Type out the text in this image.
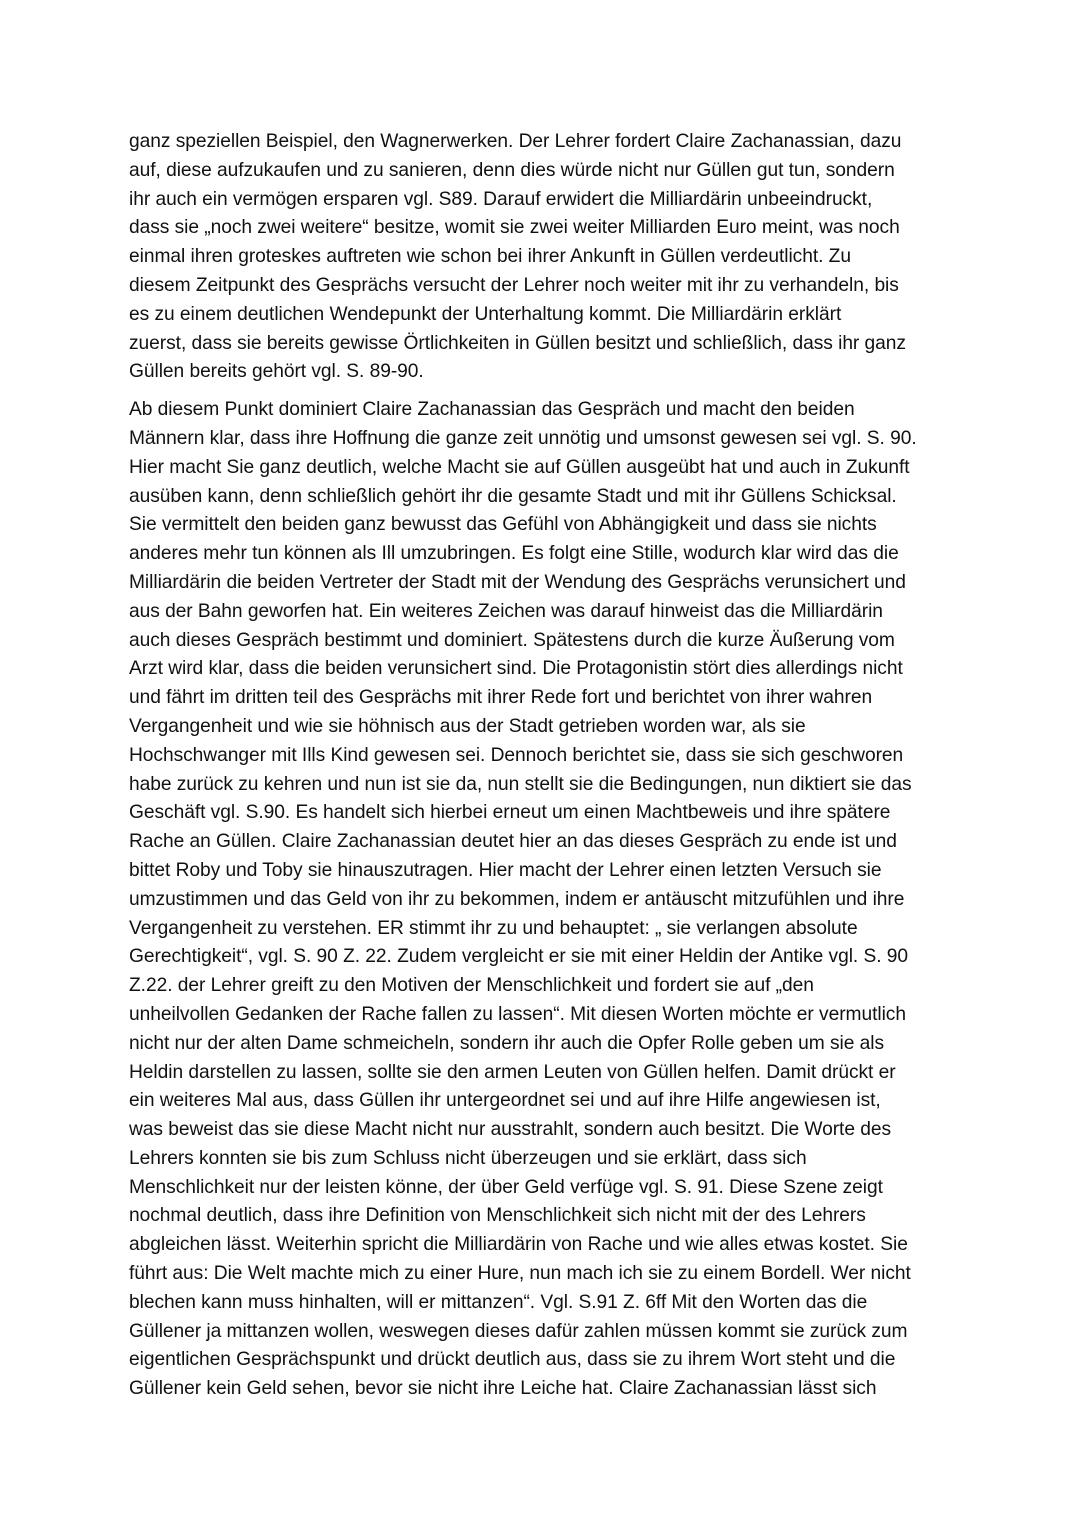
ganz speziellen Beispiel, den Wagnerwerken. Der Lehrer fordert Claire Zachanassian, dazu
auf, diese aufzukaufen und zu sanieren, denn dies würde nicht nur Güllen gut tun, sondern
ihr auch ein vermögen ersparen vgl. S89. Darauf erwidert die Milliardärin unbeeindruckt,
dass sie „noch zwei weitere“ besitze, womit sie zwei weiter Milliarden Euro meint, was noch
einmal ihren groteskes auftreten wie schon bei ihrer Ankunft in Güllen verdeutlicht. Zu
diesem Zeitpunkt des Gesprächs versucht der Lehrer noch weiter mit ihr zu verhandeln, bis
es zu einem deutlichen Wendepunkt der Unterhaltung kommt. Die Milliardärin erklärt
zuerst, dass sie bereits gewisse Örtlichkeiten in Güllen besitzt und schließlich, dass ihr ganz
Güllen bereits gehört vgl. S. 89-90.
Ab diesem Punkt dominiert Claire Zachanassian das Gespräch und macht den beiden
Männern klar, dass ihre Hoffnung die ganze zeit unnötig und umsonst gewesen sei vgl. S. 90.
Hier macht Sie ganz deutlich, welche Macht sie auf Güllen ausgeübt hat und auch in Zukunft
ausüben kann, denn schließlich gehört ihr die gesamte Stadt und mit ihr Güllens Schicksal.
Sie vermittelt den beiden ganz bewusst das Gefühl von Abhängigkeit und dass sie nichts
anderes mehr tun können als Ill umzubringen. Es folgt eine Stille, wodurch klar wird das die
Milliardärin die beiden Vertreter der Stadt mit der Wendung des Gesprächs verunsichert und
aus der Bahn geworfen hat. Ein weiteres Zeichen was darauf hinweist das die Milliardärin
auch dieses Gespräch bestimmt und dominiert. Spätestens durch die kurze Äußerung vom
Arzt wird klar, dass die beiden verunsichert sind. Die Protagonistin stört dies allerdings nicht
und fährt im dritten teil des Gesprächs mit ihrer Rede fort und berichtet von ihrer wahren
Vergangenheit und wie sie höhnisch aus der Stadt getrieben worden war, als sie
Hochschwanger mit Ills Kind gewesen sei. Dennoch berichtet sie, dass sie sich geschworen
habe zurück zu kehren und nun ist sie da, nun stellt sie die Bedingungen, nun diktiert sie das
Geschäft vgl. S.90. Es handelt sich hierbei erneut um einen Machtbeweis und ihre spätere
Rache an Güllen. Claire Zachanassian deutet hier an das dieses Gespräch zu ende ist und
bittet Roby und Toby sie hinauszutragen. Hier macht der Lehrer einen letzten Versuch sie
umzustimmen und das Geld von ihr zu bekommen, indem er antäuscht mitzufühlen und ihre
Vergangenheit zu verstehen. ER stimmt ihr zu und behauptet: „ sie verlangen absolute
Gerechtigkeit“, vgl. S. 90 Z. 22. Zudem vergleicht er sie mit einer Heldin der Antike vgl. S. 90
Z.22. der Lehrer greift zu den Motiven der Menschlichkeit und fordert sie auf „den
unheilvollen Gedanken der Rache fallen zu lassen“. Mit diesen Worten möchte er vermutlich
nicht nur der alten Dame schmeicheln, sondern ihr auch die Opfer Rolle geben um sie als
Heldin darstellen zu lassen, sollte sie den armen Leuten von Güllen helfen. Damit drückt er
ein weiteres Mal aus, dass Güllen ihr untergeordnet sei und auf ihre Hilfe angewiesen ist,
was beweist das sie diese Macht nicht nur ausstrahlt, sondern auch besitzt. Die Worte des
Lehrers konnten sie bis zum Schluss nicht überzeugen und sie erklärt, dass sich
Menschlichkeit nur der leisten könne, der über Geld verfüge vgl. S. 91. Diese Szene zeigt
nochmal deutlich, dass ihre Definition von Menschlichkeit sich nicht mit der des Lehrers
abgleichen lässt. Weiterhin spricht die Milliardärin von Rache und wie alles etwas kostet. Sie
führt aus: Die Welt machte mich zu einer Hure, nun mach ich sie zu einem Bordell. Wer nicht
blechen kann muss hinhalten, will er mittanzen“. Vgl. S.91 Z. 6ff Mit den Worten das die
Güllener ja mittanzen wollen, weswegen dieses dafür zahlen müssen kommt sie zurück zum
eigentlichen Gesprächspunkt und drückt deutlich aus, dass sie zu ihrem Wort steht und die
Güllener kein Geld sehen, bevor sie nicht ihre Leiche hat. Claire Zachanassian lässt sich
